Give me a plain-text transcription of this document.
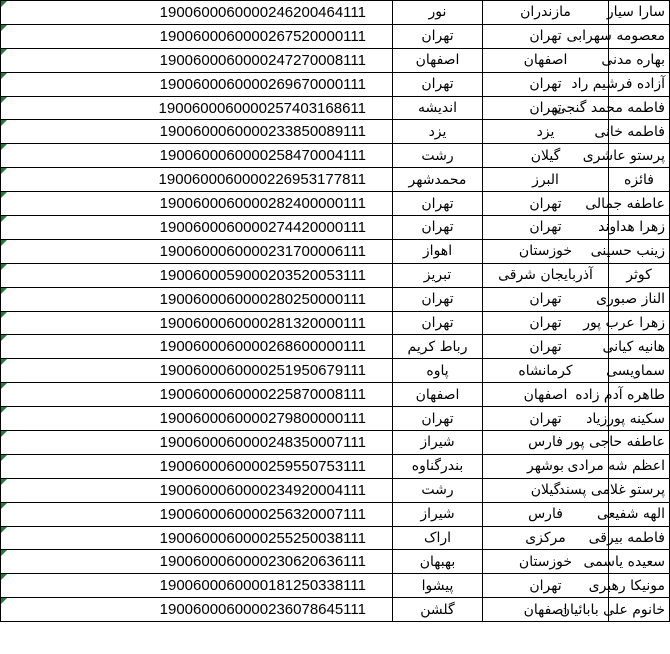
1900600060000246200464111	نور	مازندران	سارا سیار
1900600060000267520000111	تهران	تهران	معصومه سهرابی
1900600060000247270008111	اصفهان	اصفهان	بهاره مدنی
1900600060000269670000111	تهران	تهران	آزاده فرشیم راد
1900600060000257403168611	اندیشه	تهران	فاطمه محمد گنجی
1900600060000233850089111	یزد	یزد	فاطمه خانی
1900600060000258470004111	رشت	گیلان	پرستو عاشری
1900600060000226953177811	محمدشهر	البرز	فائزه
1900600060000282400000111	تهران	تهران	عاطفه جمالی
1900600060000274420000111	تهران	تهران	زهرا هداوند
1900600060000231700006111	اهواز	خوزستان	زینب حسینی
1900600059000203520053111	تبریز	آذربایجان شرقی	کوثر
1900600060000280250000111	تهران	تهران	الناز صبوری
1900600060000281320000111	تهران	تهران	زهرا عرب پور
1900600060000268600000111	رباط کریم	تهران	هانیه کیانی
1900600060000251950679111	پاوه	کرمانشاه	سماویسی
1900600060000225870008111	اصفهان	اصفهان	طاهره آدم زاده
1900600060000279800000111	تهران	تهران	سکینه پورزیاد
1900600060000248350007111	شیراز	فارس	عاطفه حاجی پور
1900600060000259550753111	بندرگناوه	بوشهر	اعظم شه مرادی
1900600060000234920004111	رشت	گیلان	پرستو غلامی پسند
1900600060000256320007111	شیراز	فارس	الهه شفیعی
1900600060000255250038111	اراک	مرکزی	فاطمه بیرقی
1900600060000230620636111	بهبهان	خوزستان	سعیده یاسمی
1900600060000181250338111	پیشوا	تهران	مونیکا رهبری
1900600060000236078645111	گلشن	اصفهان	خانوم علی بابائیان
